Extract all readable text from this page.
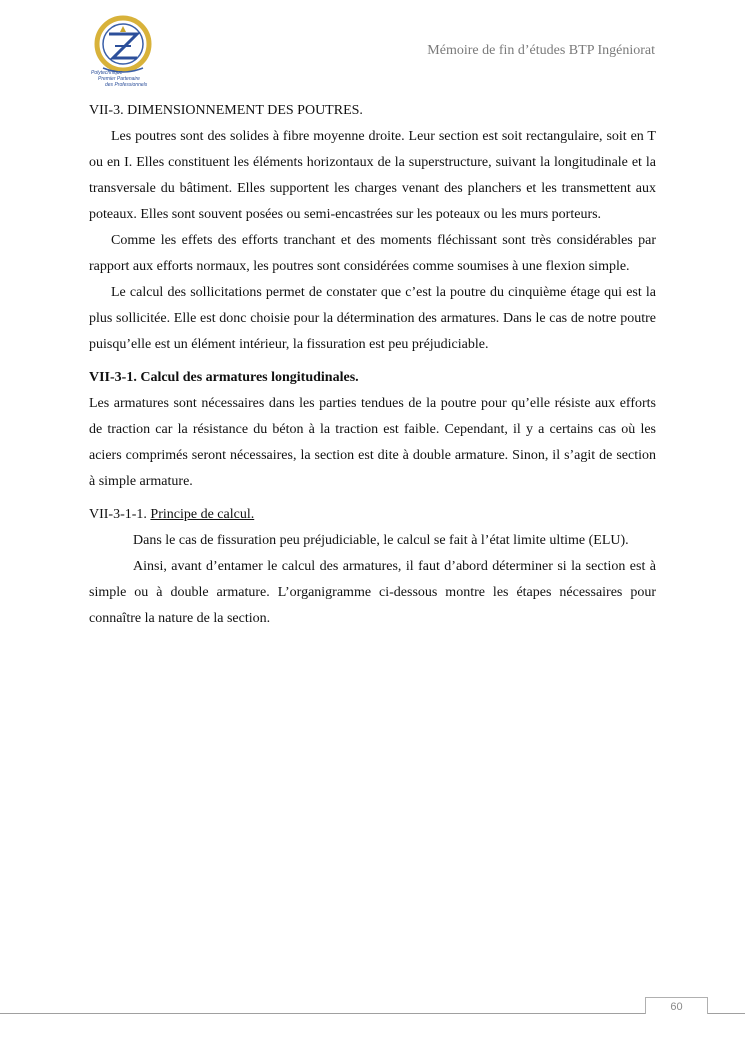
Polytechnique
Premier Partenaire
des Professionnels
Mémoire de fin d’études BTP Ingéniorat

VII-3. DIMENSIONNEMENT DES POUTRES.

Les poutres sont des solides à fibre moyenne droite. Leur section est soit rectangulaire, soit en T ou en I. Elles constituent les éléments horizontaux de la superstructure, suivant la longitudinale et la transversale du bâtiment. Elles supportent les charges venant des planchers et les transmettent aux poteaux. Elles sont souvent posées ou semi-encastrées sur les poteaux ou les murs porteurs.

Comme les effets des efforts tranchant et des moments fléchissant sont très considérables par rapport aux efforts normaux, les poutres sont considérées comme soumises à une flexion simple.

Le calcul des sollicitations permet de constater que c’est la poutre du cinquième étage qui est la plus sollicitée. Elle est donc choisie pour la détermination des armatures. Dans le cas de notre poutre puisqu’elle est un élément intérieur, la fissuration est peu préjudiciable.

VII-3-1. Calcul des armatures longitudinales.

Les armatures sont nécessaires dans les parties tendues de la poutre pour qu’elle résiste aux efforts de traction car la résistance du béton à la traction est faible. Cependant, il y a certains cas où les aciers comprimés seront nécessaires, la section est dite à double armature. Sinon, il s’agit de section à simple armature.

VII-3-1-1. Principe de calcul.

Dans le cas de fissuration peu préjudiciable, le calcul se fait à l’état limite ultime (ELU).

Ainsi, avant d’entamer le calcul des armatures, il faut d’abord déterminer si la section est à simple ou à double armature. L’organigramme ci-dessous montre les étapes nécessaires pour connaître la nature de la section.

60
